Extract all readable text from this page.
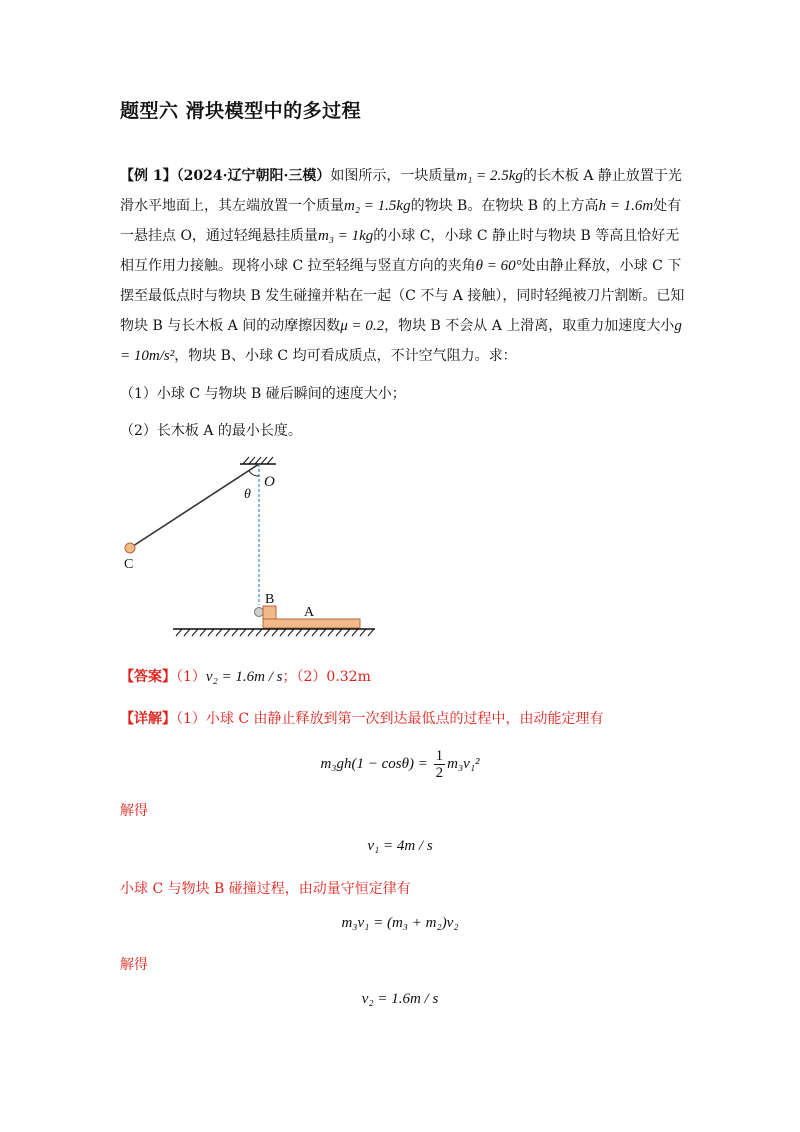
题型六 滑块模型中的多过程
【例 1】（2024·辽宁朝阳·三模）如图所示，一块质量m₁ = 2.5kg的长木板 A 静止放置于光滑水平地面上，其左端放置一个质量m₂ = 1.5kg的物块 B。在物块 B 的上方高h = 1.6m处有一悬挂点 O，通过轻绳悬挂质量m₃ = 1kg的小球 C，小球 C 静止时与物块 B 等高且恰好无相互作用力接触。现将小球 C 拉至轻绳与竖直方向的夹角θ = 60°处由静止释放，小球 C 下摆至最低点时与物块 B 发生碰撞并粘在一起（C 不与 A 接触），同时轻绳被刀片割断。已知物块 B 与长木板 A 间的动摩擦因数μ = 0.2，物块 B 不会从 A 上滑离，取重力加速度大小g = 10m/s²，物块 B、小球 C 均可看成质点，不计空气阻力。求：
（1）小球 C 与物块 B 碰后瞬间的速度大小；
（2）长木板 A 的最小长度。
O
θ
C
B
A
【答案】（1）v₂ = 1.6m / s；（2）0.32m
【详解】（1）小球 C 由静止释放到第一次到达最低点的过程中，由动能定理有
$m_3gh(1 - \cos\theta) = \frac{1}{2} m_3v_1^2$
解得
v₁ = 4m / s
小球 C 与物块 B 碰撞过程，由动量守恒定律有
m₃v₁ = (m₃ + m₂)v₂
解得
v₂ = 1.6m / s
